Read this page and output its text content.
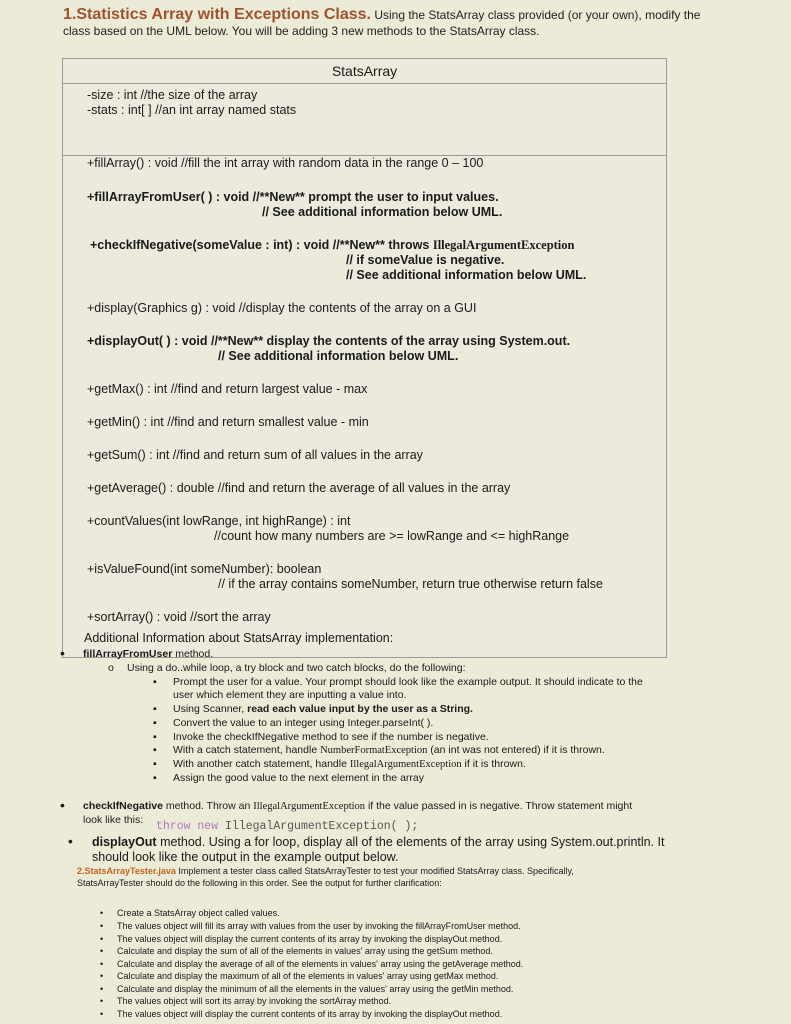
1.Statistics Array with Exceptions Class. Using the StatsArray class provided (or your own), modify the
class based on the UML below. You will be adding 3 new methods to the StatsArray class.
StatsArray
-size : int //the size of the array
-stats : int[ ] //an int array named stats
+fillArray() : void //fill the int array with random data in the range 0 – 100
+fillArrayFromUser( ) : void //**New** prompt the user to input values.
// See additional information below UML.
+checkIfNegative(someValue : int) : void //**New** throws IllegalArgumentException
// if someValue is negative.
// See additional information below UML.
+display(Graphics g) : void //display the contents of the array on a GUI
+displayOut( ) : void //**New** display the contents of the array using System.out.
// See additional information below UML.
+getMax() : int //find and return largest value - max
+getMin() : int //find and return smallest value - min
+getSum() : int //find and return sum of all values in the array
+getAverage() : double //find and return the average of all values in the array
+countValues(int lowRange, int highRange) : int
//count how many numbers are >= lowRange and <= highRange
+isValueFound(int someNumber): boolean
// if the array contains someNumber, return true otherwise return false
+sortArray() : void //sort the array
Additional Information about StatsArray implementation:
• fillArrayFromUser method.
o Using a do..while loop, a try block and two catch blocks, do the following:
▪ Prompt the user for a value. Your prompt should look like the example output. It should indicate to the
user which element they are inputting a value into.
▪ Using Scanner, read each value input by the user as a String.
▪ Convert the value to an integer using Integer.parseInt( ).
▪ Invoke the checkIfNegative method to see if the number is negative.
▪ With a catch statement, handle NumberFormatException (an int was not entered) if it is thrown.
▪ With another catch statement, handle IllegalArgumentException if it is thrown.
▪ Assign the good value to the next element in the array
• checkIfNegative method. Throw an IllegalArgumentException if the value passed in is negative. Throw statement might
look like this: throw new IllegalArgumentException( );
• displayOut method. Using a for loop, display all of the elements of the array using System.out.println. It
should look like the output in the example output below.
2.StatsArrayTester.java Implement a tester class called StatsArrayTester to test your modified StatsArray class. Specifically,
StatsArrayTester should do the following in this order. See the output for further clarification:
• Create a StatsArray object called values.
• The values object will fill its array with values from the user by invoking the fillArrayFromUser method.
• The values object will display the current contents of its array by invoking the displayOut method.
• Calculate and display the sum of all of the elements in values' array using the getSum method.
• Calculate and display the average of all of the elements in values' array using the getAverage method.
• Calculate and display the maximum of all of the elements in values' array using getMax method.
• Calculate and display the minimum of all the elements in the values' array using the getMin method.
• The values object will sort its array by invoking the sortArray method.
• The values object will display the current contents of its array by invoking the displayOut method.
